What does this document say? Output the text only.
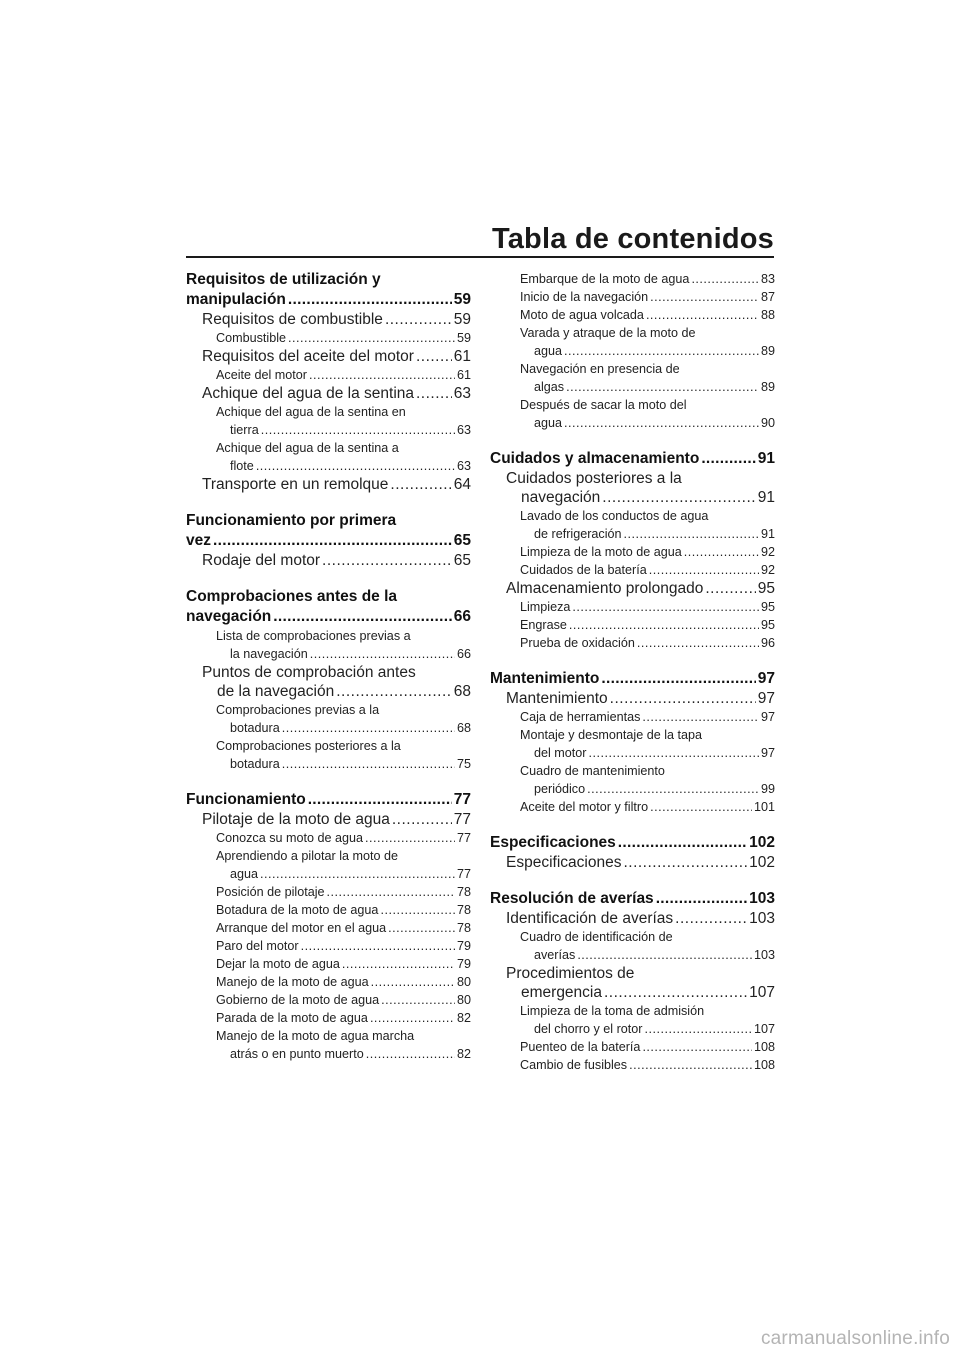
Tabla de contenidos
Requisitos de utilización y
manipulación .....	59
Requisitos de combustible .....	59
Combustible .....	59
Requisitos del aceite del motor .....	61
Aceite del motor .....	61
Achique del agua de la sentina .....	63
Achique del agua de la sentina en
tierra .....	63
Achique del agua de la sentina a
flote .....	63
Transporte en un remolque .....	64
Funcionamiento por primera
vez .....	65
Rodaje del motor .....	65
Comprobaciones antes de la
navegación .....	66
Lista de comprobaciones previas a
la navegación .....	66
Puntos de comprobación antes
de la navegación .....	68
Comprobaciones previas a la
botadura .....	68
Comprobaciones posteriores a la
botadura .....	75
Funcionamiento .....	77
Pilotaje de la moto de agua .....	77
Conozca su moto de agua .....	77
Aprendiendo a pilotar la moto de
agua .....	77
Posición de pilotaje .....	78
Botadura de la moto de agua .....	78
Arranque del motor en el agua .....	78
Paro del motor .....	79
Dejar la moto de agua .....	79
Manejo de la moto de agua .....	80
Gobierno de la moto de agua .....	80
Parada de la moto de agua .....	82
Manejo de la moto de agua marcha
atrás o en punto muerto .....	82
Embarque de la moto de agua .....	83
Inicio de la navegación .....	87
Moto de agua volcada .....	88
Varada y atraque de la moto de
agua .....	89
Navegación en presencia de
algas .....	89
Después de sacar la moto del
agua .....	90
Cuidados y almacenamiento .....	91
Cuidados posteriores a la
navegación .....	91
Lavado de los conductos de agua
de refrigeración .....	91
Limpieza de la moto de agua .....	92
Cuidados de la batería .....	92
Almacenamiento prolongado .....	95
Limpieza .....	95
Engrase .....	95
Prueba de oxidación .....	96
Mantenimiento .....	97
Mantenimiento .....	97
Caja de herramientas .....	97
Montaje y desmontaje de la tapa
del motor .....	97
Cuadro de mantenimiento
periódico .....	99
Aceite del motor y filtro .....	101
Especificaciones .....	102
Especificaciones .....	102
Resolución de averías .....	103
Identificación de averías .....	103
Cuadro de identificación de
averías .....	103
Procedimientos de
emergencia .....	107
Limpieza de la toma de admisión
del chorro y el rotor .....	107
Puenteo de la batería .....	108
Cambio de fusibles .....	108
carmanualsonline.info
